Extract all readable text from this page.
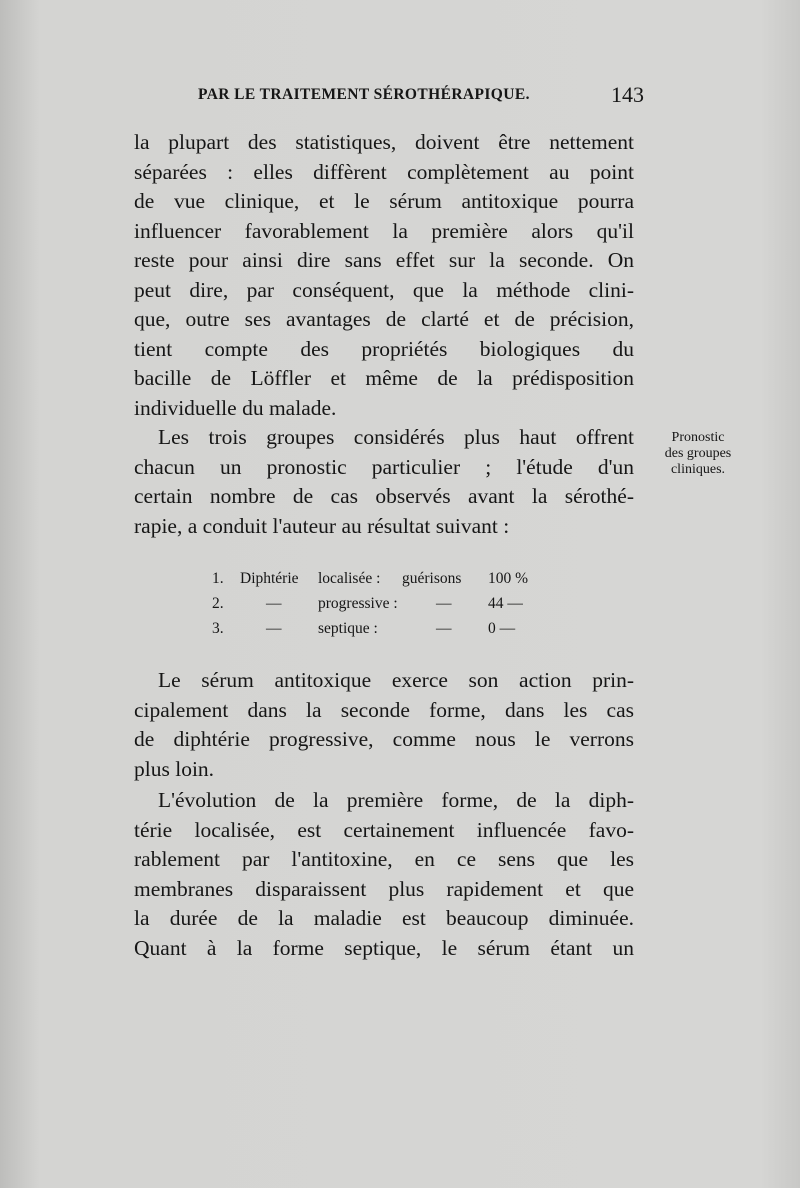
PAR LE TRAITEMENT SÉROTHÉRAPIQUE.	143
la plupart des statistiques, doivent être nettement
séparées : elles diffèrent complètement au point
de vue clinique, et le sérum antitoxique pourra
influencer favorablement la première alors qu'il
reste pour ainsi dire sans effet sur la seconde. On
peut dire, par conséquent, que la méthode clini-
que, outre ses avantages de clarté et de précision,
tient compte des propriétés biologiques du
bacille de Löffler et même de la prédisposition
individuelle du malade.
Les trois groupes considérés plus haut offrent
chacun un pronostic particulier ; l'étude d'un
certain nombre de cas observés avant la sérothé-
rapie, a conduit l'auteur au résultat suivant :
Pronostic
des groupes
cliniques.
1. Diphtérie localisée : guérisons 100 %
2.	— progressive : — 44 —
3.	— septique :	— 0 —
Le sérum antitoxique exerce son action prin-
cipalement dans la seconde forme, dans les cas
de diphtérie progressive, comme nous le verrons
plus loin.
L'évolution de la première forme, de la diph-
térie localisée, est certainement influencée favo-
rablement par l'antitoxine, en ce sens que les
membranes disparaissent plus rapidement et que
la durée de la maladie est beaucoup diminuée.
Quant à la forme septique, le sérum étant un
